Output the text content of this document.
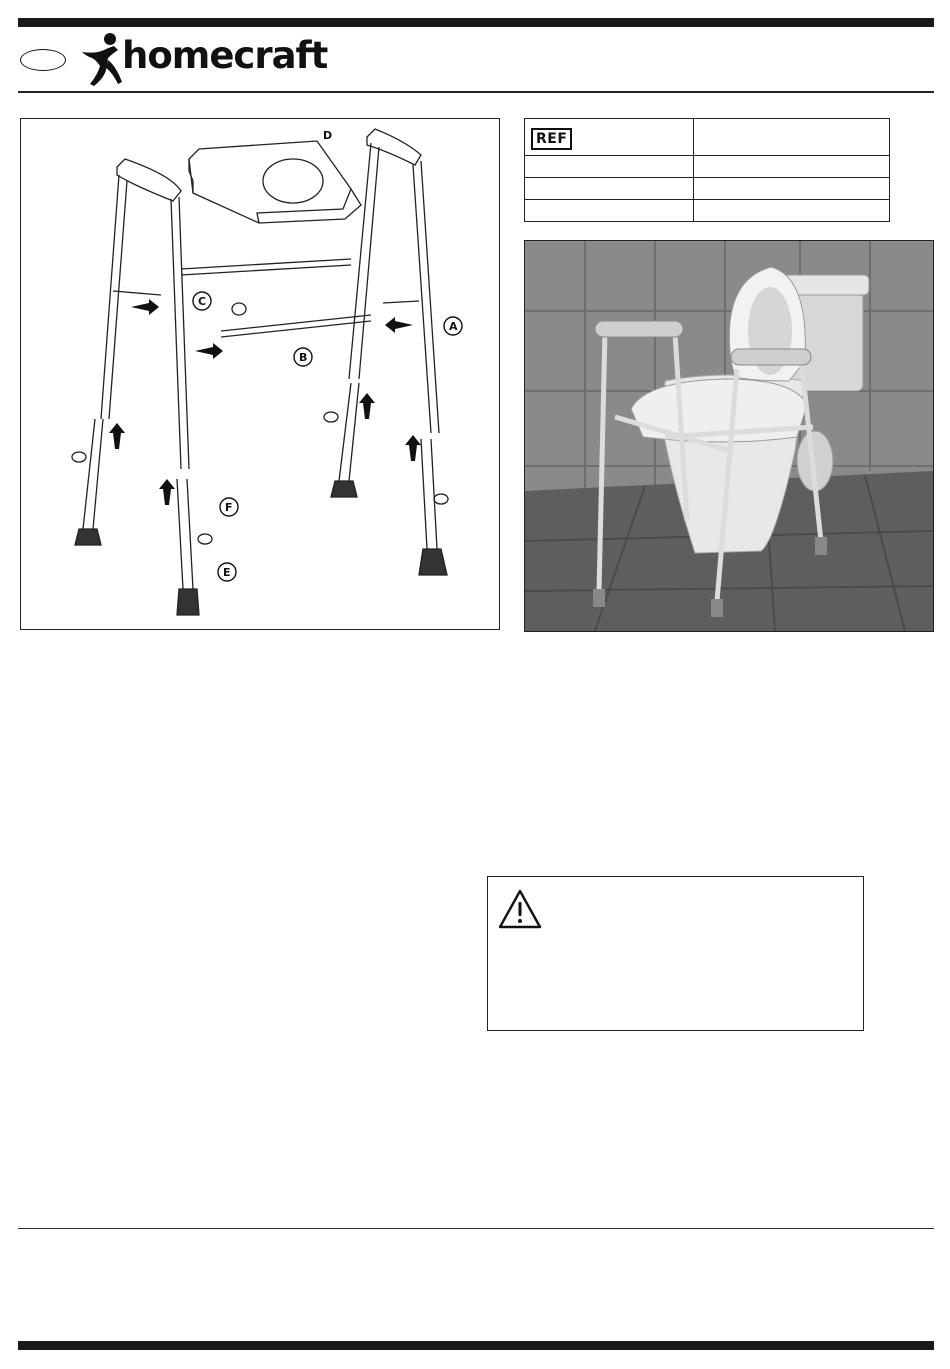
homecraft
A
B
C
D
E
F
REF	
